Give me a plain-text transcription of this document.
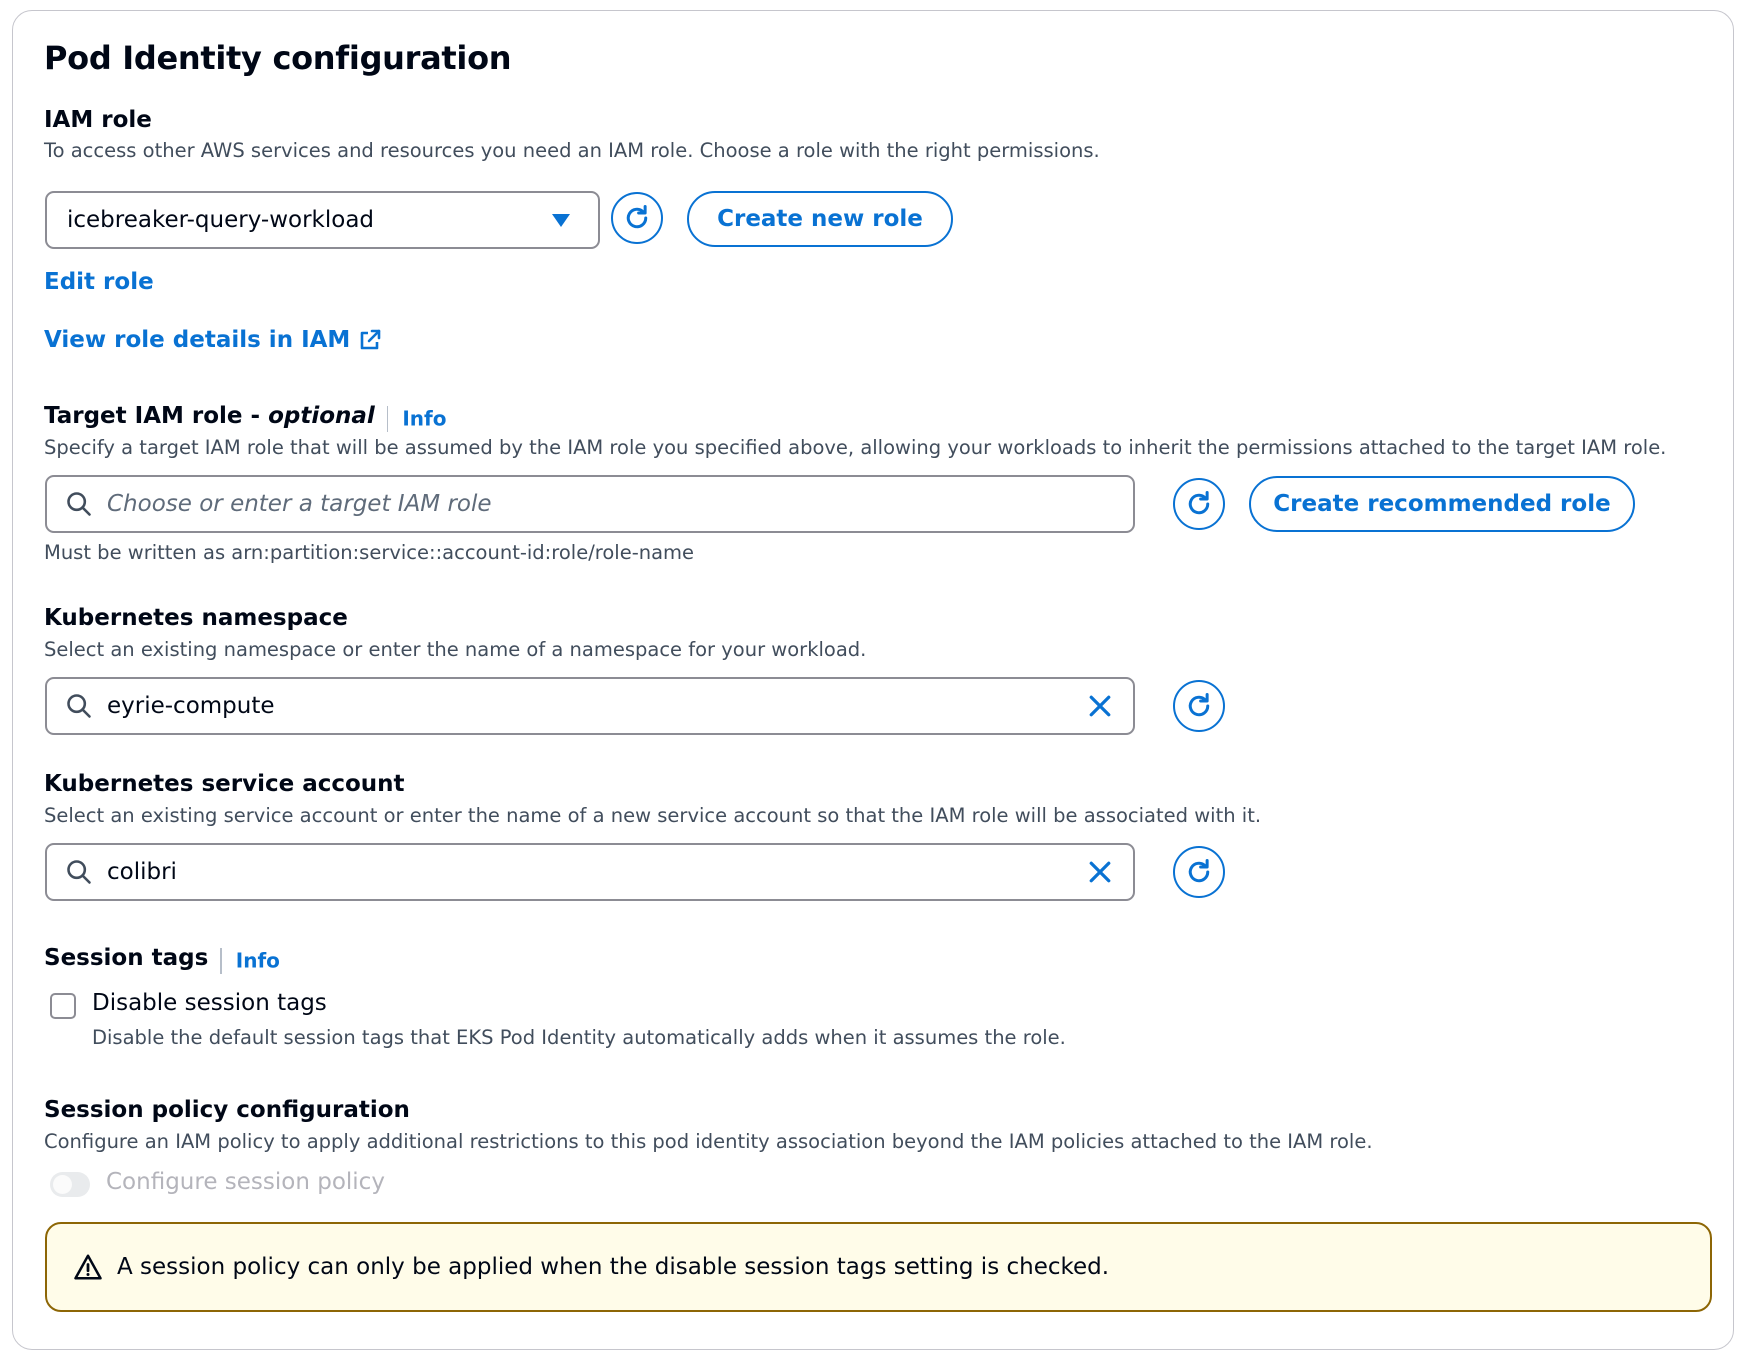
Pod Identity configuration
IAM role
To access other AWS services and resources you need an IAM role. Choose a role with the right permissions.
icebreaker-query-workload	Create new role
Edit role
View role details in IAM
Target IAM role - optional Info
Specify a target IAM role that will be assumed by the IAM role you specified above, allowing your workloads to inherit the permissions attached to the target IAM role.
Choose or enter a target IAM role
Create recommended role
Must be written as arn:partition:service::account-id:role/role-name
Kubernetes namespace
Select an existing namespace or enter the name of a namespace for your workload.
eyrie-compute
Kubernetes service account
Select an existing service account or enter the name of a new service account so that the IAM role will be associated with it.
colibri
Session tags Info
Disable session tags
Disable the default session tags that EKS Pod Identity automatically adds when it assumes the role.
Session policy configuration
Configure an IAM policy to apply additional restrictions to this pod identity association beyond the IAM policies attached to the IAM role.
Configure session policy
A session policy can only be applied when the disable session tags setting is checked.
